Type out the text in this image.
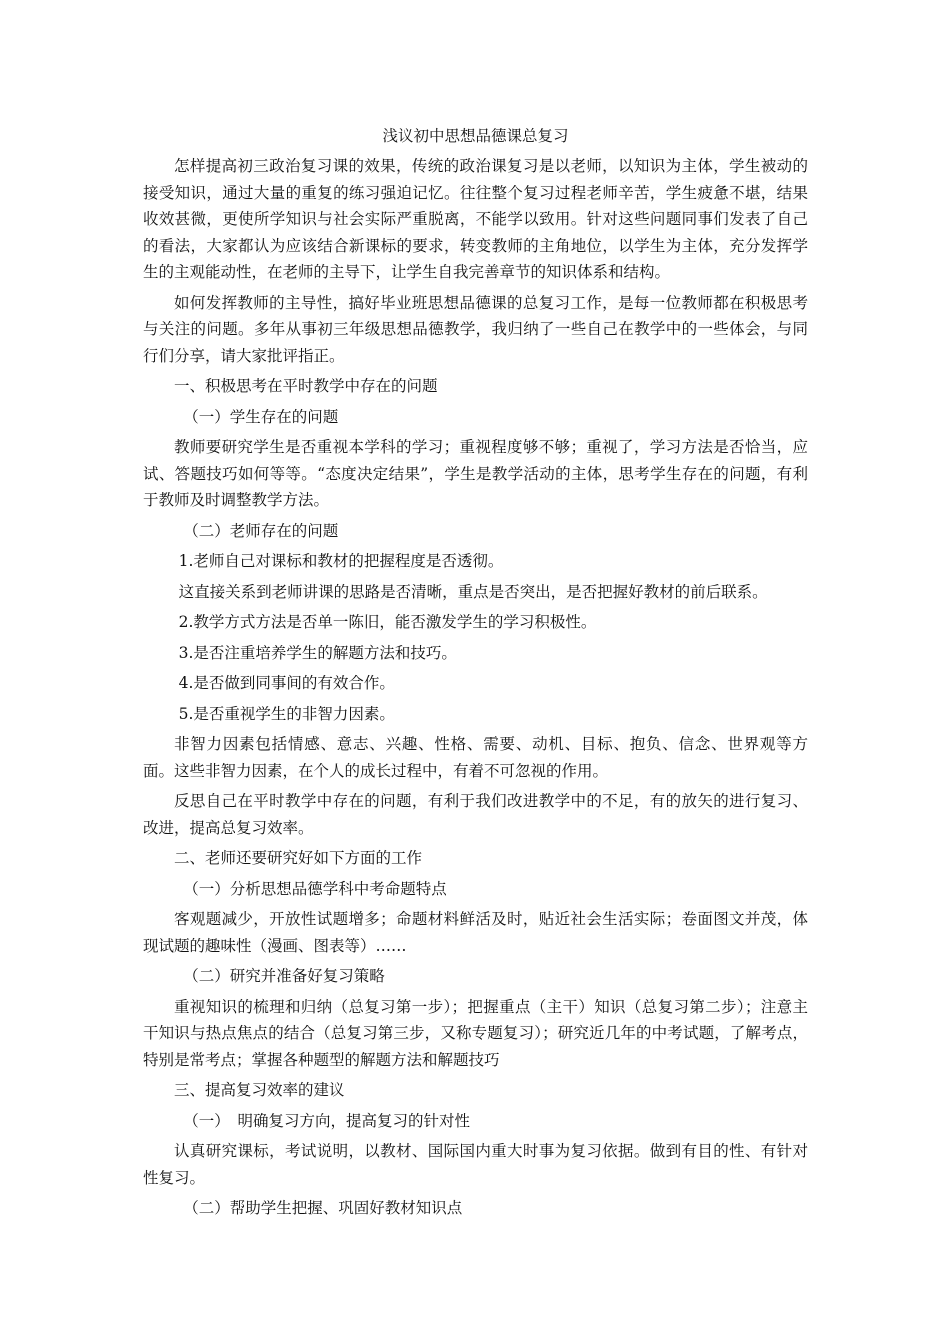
浅议初中思想品德课总复习
怎样提高初三政治复习课的效果，传统的政治课复习是以老师，以知识为主体，学生被动的接受知识，通过大量的重复的练习强迫记忆。往往整个复习过程老师辛苦，学生疲惫不堪，结果收效甚微，更使所学知识与社会实际严重脱离，不能学以致用。针对这些问题同事们发表了自己的看法，大家都认为应该结合新课标的要求，转变教师的主角地位，以学生为主体，充分发挥学生的主观能动性，在老师的主导下，让学生自我完善章节的知识体系和结构。
如何发挥教师的主导性，搞好毕业班思想品德课的总复习工作，是每一位教师都在积极思考与关注的问题。多年从事初三年级思想品德教学，我归纳了一些自己在教学中的一些体会，与同行们分享，请大家批评指正。
一、积极思考在平时教学中存在的问题
（一）学生存在的问题
教师要研究学生是否重视本学科的学习；重视程度够不够；重视了，学习方法是否恰当，应试、答题技巧如何等等。“态度决定结果”，学生是教学活动的主体，思考学生存在的问题，有利于教师及时调整教学方法。
（二）老师存在的问题
1.老师自己对课标和教材的把握程度是否透彻。
这直接关系到老师讲课的思路是否清晰，重点是否突出，是否把握好教材的前后联系。
2.教学方式方法是否单一陈旧，能否激发学生的学习积极性。
3.是否注重培养学生的解题方法和技巧。
4.是否做到同事间的有效合作。
5.是否重视学生的非智力因素。
非智力因素包括情感、意志、兴趣、性格、需要、动机、目标、抱负、信念、世界观等方面。这些非智力因素，在个人的成长过程中，有着不可忽视的作用。
反思自己在平时教学中存在的问题，有利于我们改进教学中的不足，有的放矢的进行复习、改进，提高总复习效率。
二、老师还要研究好如下方面的工作
（一）分析思想品德学科中考命题特点
客观题减少，开放性试题增多；命题材料鲜活及时，贴近社会生活实际；卷面图文并茂，体现试题的趣味性（漫画、图表等）……
（二）研究并准备好复习策略
重视知识的梳理和归纳（总复习第一步）；把握重点（主干）知识（总复习第二步）；注意主干知识与热点焦点的结合（总复习第三步，又称专题复习）；研究近几年的中考试题，了解考点，特别是常考点；掌握各种题型的解题方法和解题技巧
三、提高复习效率的建议
（一）　明确复习方向，提高复习的针对性
认真研究课标，考试说明，以教材、国际国内重大时事为复习依据。做到有目的性、有针对性复习。
（二）帮助学生把握、巩固好教材知识点
